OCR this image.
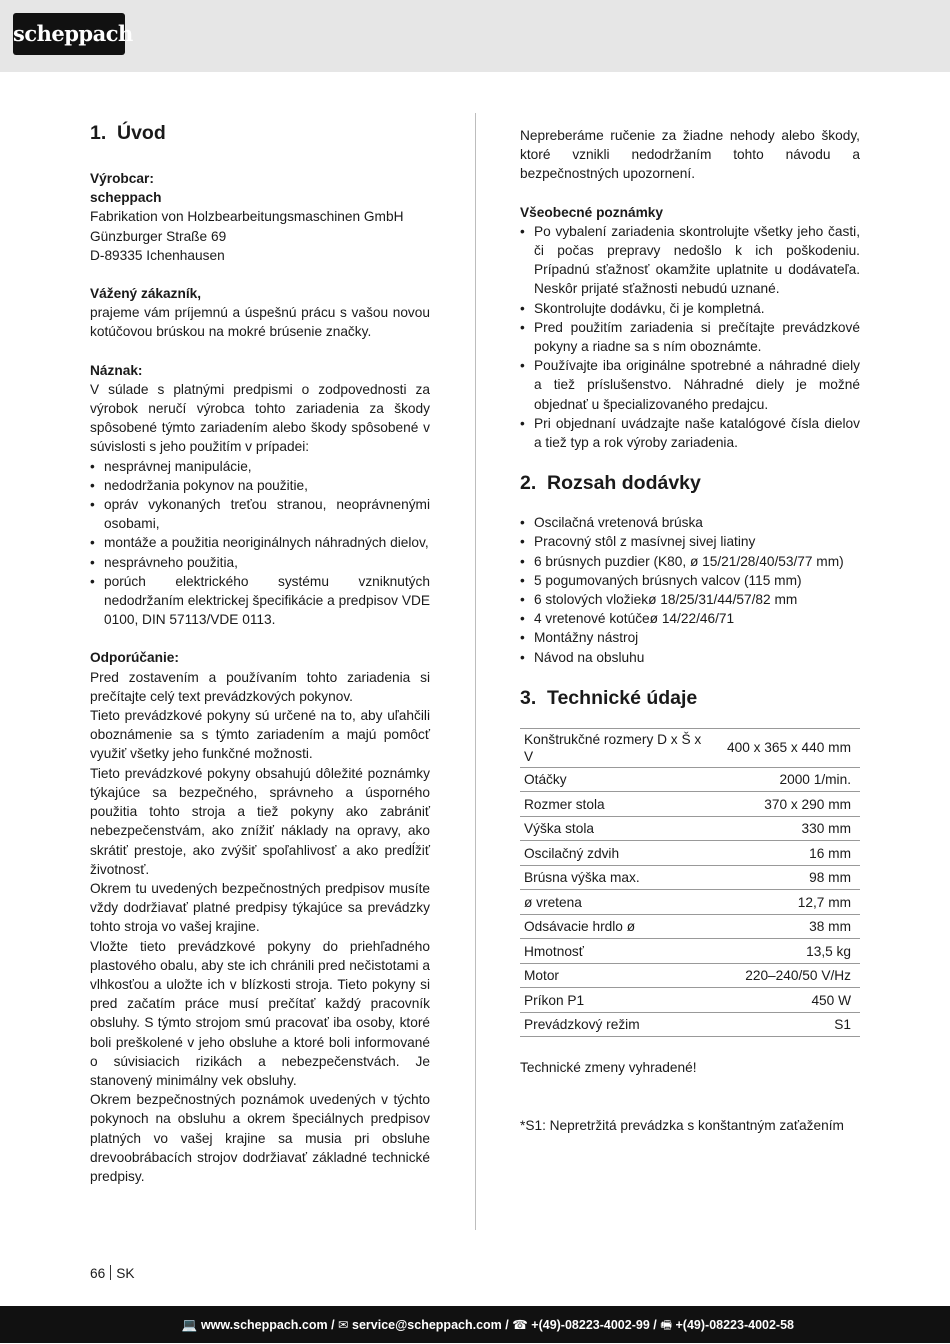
scheppach
1. Úvod
Výrobcar:
scheppach
Fabrikation von Holzbearbeitungsmaschinen GmbH
Günzburger Straße 69
D-89335 Ichenhausen
Vážený zákazník,

prajeme vám príjemnú a úspešnú prácu s vašou novou kotúčovou brúskou na mokré brúsenie značky.

Náznak:

V súlade s platnými predpismi o zodpovednosti za výrobok neručí výrobca tohto zariadenia za škody spôsobené týmto zariadením alebo škody spôsobené v súvislosti s jeho použitím v prípadei:

• nesprávnej manipulácie,
• nedodržania pokynov na použitie,
• opráv vykonaných treťou stranou, neoprávnenými osobami,
• montáže a použitia neoriginálnych náhradných dielov,
• nesprávneho použitia,
• porúch elektrického systému vzniknutých nedodržaním elektrickej špecifikácie a predpisov VDE 0100, DIN 57113/VDE 0113.
Odporúčanie:

Pred zostavením a používaním tohto zariadenia si prečítajte celý text prevádzkových pokynov.

Tieto prevádzkové pokyny sú určené na to, aby uľahčili oboznámenie sa s týmto zariadením a majú pomôcť využiť všetky jeho funkčné možnosti.

Tieto prevádzkové pokyny obsahujú dôležité poznámky týkajúce sa bezpečného, správneho a úsporného použitia tohto stroja a tiež pokyny ako zabrániť nebezpečenstvám, ako znížiť náklady na opravy, ako skrátiť prestoje, ako zvýšiť spoľahlivosť a ako predĺžiť životnosť.

Okrem tu uvedených bezpečnostných predpisov musíte vždy dodržiavať platné predpisy týkajúce sa prevádzky tohto stroja vo vašej krajine.

Vložte tieto prevádzkové pokyny do priehľadného plastového obalu, aby ste ich chránili pred nečistotami a vlhkosťou a uložte ich v blízkosti stroja. Tieto pokyny si pred začatím práce musí prečítať každý pracovník obsluhy. S týmto strojom smú pracovať iba osoby, ktoré boli preškolené v jeho obsluhe a ktoré boli informované o súvisiacich rizikách a nebezpečenstvách. Je stanovený minimálny vek obsluhy.

Okrem bezpečnostných poznámok uvedených v týchto pokynoch na obsluhu a okrem špeciálnych predpisov platných vo vašej krajine sa musia pri obsluhe drevoobrábacích strojov dodržiavať základné technické predpisy.

Nepreberáme ručenie za žiadne nehody alebo škody, ktoré vznikli nedodržaním tohto návodu a bezpečnostných upozornení.

Všeobecné poznámky
• Po vybalení zariadenia skontrolujte všetky jeho časti, či počas prepravy nedošlo k ich poškodeniu. Prípadnú sťažnosť okamžite uplatnite u dodávateľa. Neskôr prijaté sťažnosti nebudú uznané.
• Skontrolujte dodávku, či je kompletná.
• Pred použitím zariadenia si prečítajte prevádzkové pokyny a riadne sa s ním oboznámte.
• Používajte iba originálne spotrebné a náhradné diely a tiež príslušenstvo. Náhradné diely je možné objednať u špecializovaného predajcu.
• Pri objednaní uvádzajte naše katalógové čísla dielov a tiež typ a rok výroby zariadenia.
2. Rozsah dodávky
• Oscilačná vretenová brúska
• Pracovný stôl z masívnej sivej liatiny
• 6 brúsnych puzdier (K80, ø 15/21/28/40/53/77 mm)
• 5 pogumovaných brúsnych valcov (115 mm)
• 6 stolových vložiekø 18/25/31/44/57/82 mm
• 4 vretenové kotúčeø 14/22/46/71
• Montážny nástroj
• Návod na obsluhu
3. Technické údaje
Konštrukčné rozmery D x Š x V	400 x 365 x 440 mm
Otáčky	2000 1/min.
Rozmer stola	370 x 290 mm
Výška stola	330 mm
Oscilačný zdvih	16 mm
Brúsna výška max.	98 mm
ø vretena	12,7 mm
Odsávacie hrdlo ø	38 mm
Hmotnosť	13,5 kg
Motor	220–240/50 V/Hz
Príkon P1	450 W
Prevádzkový režim	S1
Technické zmeny vyhradené!
*S1: Nepretržitá prevádzka s konštantným zaťažením
66 SK
💻 www.scheppach.com / ✉ service@scheppach.com / ☎ +(49)-08223-4002-99 / 🖷 +(49)-08223-4002-58
